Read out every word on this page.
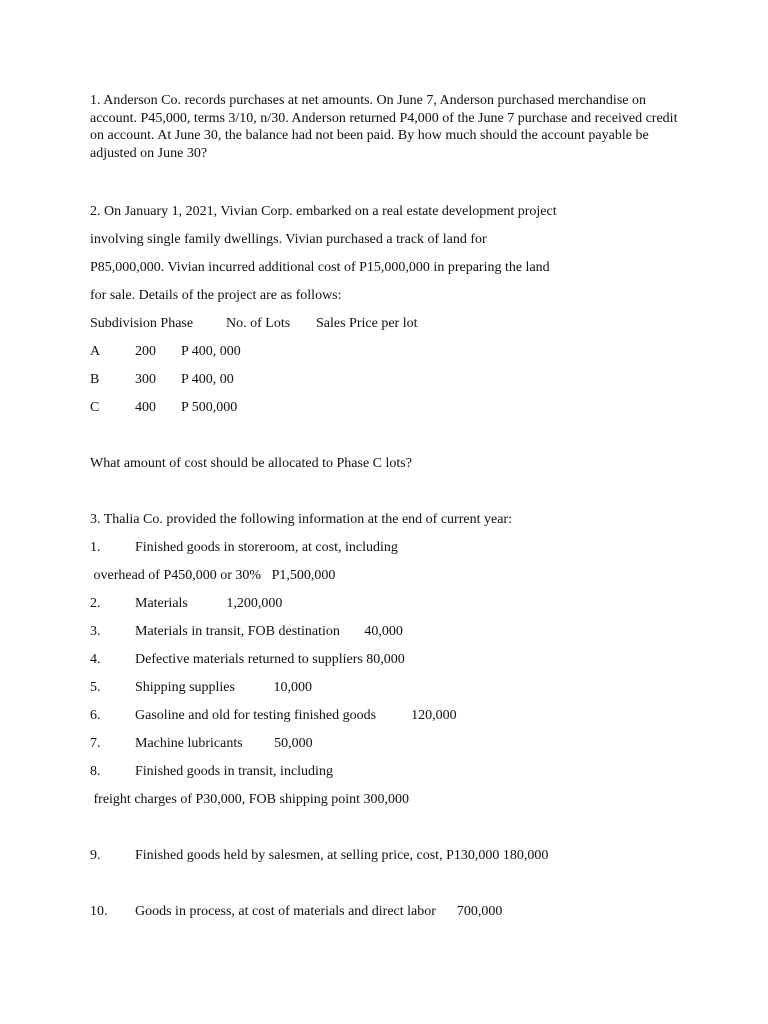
1. Anderson Co. records purchases at net amounts. On June 7, Anderson purchased merchandise on
account. P45,000, terms 3/10, n/30. Anderson returned P4,000 of the June 7 purchase and received credit
on account. At June 30, the balance had not been paid. By how much should the account payable be
adjusted on June 30?
2. On January 1, 2021, Vivian Corp. embarked on a real estate development project
involving single family dwellings. Vivian purchased a track of land for
P85,000,000. Vivian incurred additional cost of P15,000,000 in preparing the land
for sale. Details of the project are as follows:
Subdivision Phase No. of Lots Sales Price per lot
A 200 P 400, 000
B	300 P 400, 00
C	400 P 500,000
What amount of cost should be allocated to Phase C lots?
3. Thalia Co. provided the following information at the end of current year:
1. Finished goods in storeroom, at cost, including
overhead of P450,000 or 30%   P1,500,000
2. Materials           1,200,000
3. Materials in transit, FOB destination       40,000
4. Defective materials returned to suppliers 80,000
5. Shipping supplies           10,000
6. Gasoline and old for testing finished goods          120,000
7. Machine lubricants         50,000
8. Finished goods in transit, including
freight charges of P30,000, FOB shipping point 300,000
9. Finished goods held by salesmen, at selling price, cost, P130,000 180,000
10. Goods in process, at cost of materials and direct labor      700,000
